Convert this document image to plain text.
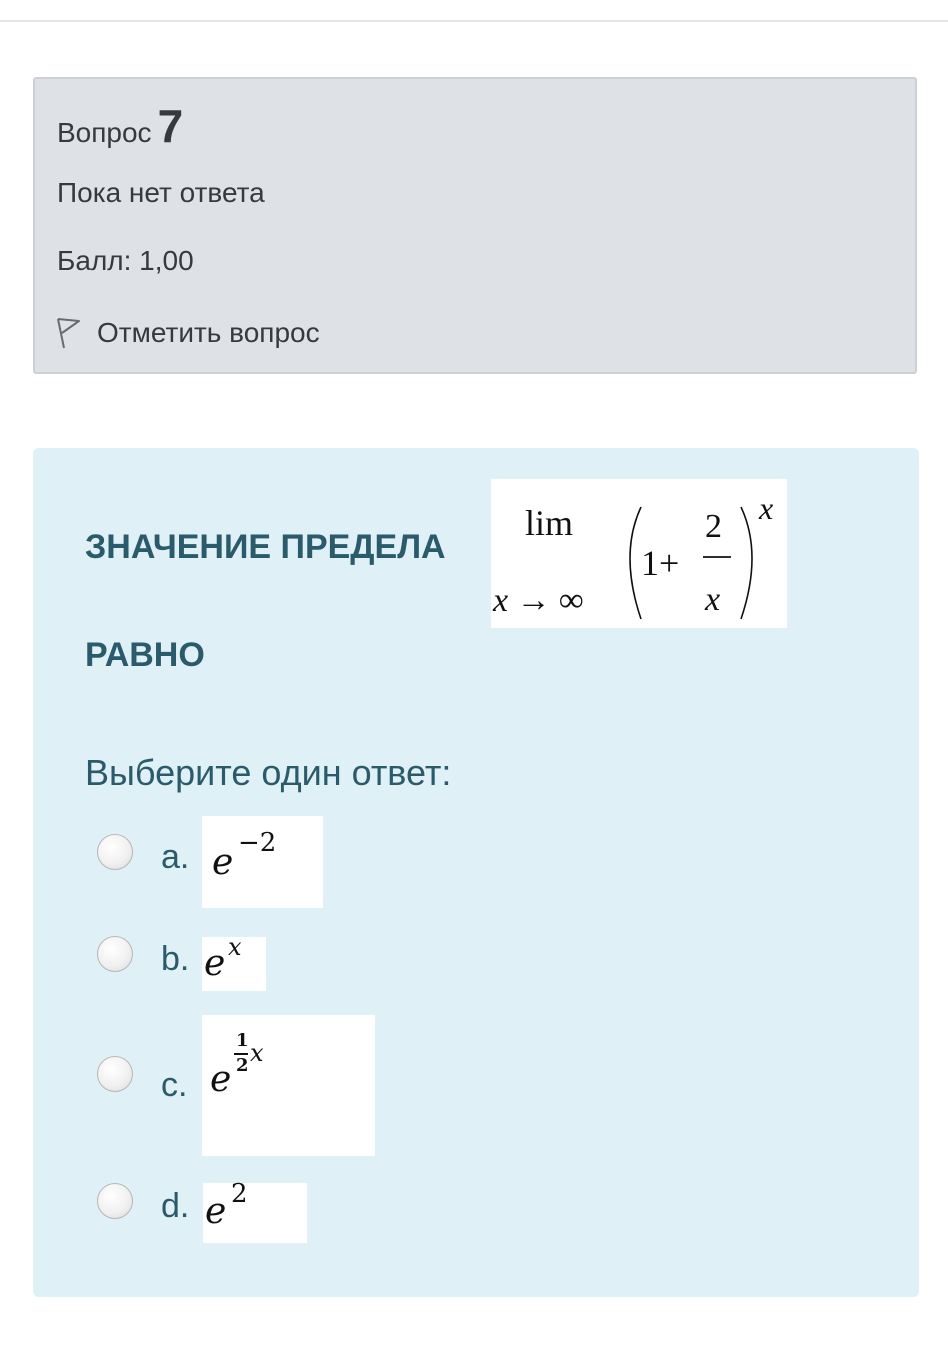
Вопрос 7
Пока нет ответа
Балл: 1,00
Отметить вопрос
ЗНАЧЕНИЕ ПРЕДЕЛА
РАВНО
lim
x → ∞
1+
2
x
x
Выберите один ответ:
a. e −2
b. e x
c. e
1
2 x
d. e 2
